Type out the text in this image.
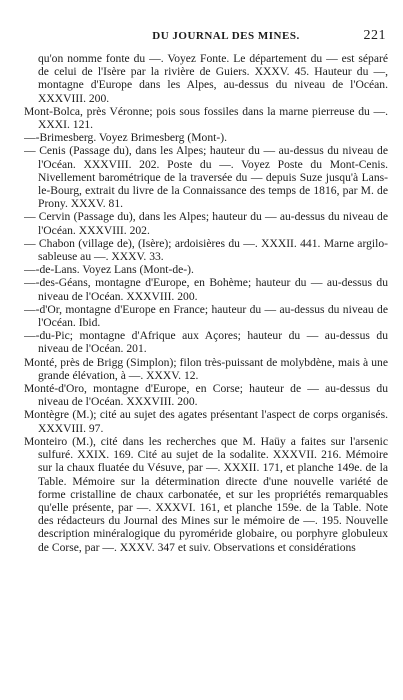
DU JOURNAL DES MINES.	221

qu'on nomme fonte du —. Voyez Fonte. Le département du — est séparé de celui de l'Isère par la rivière de Guiers. XXXV. 45. Hauteur du —, montagne d'Europe dans les Alpes, au-dessus du niveau de l'Océan. XXXVIII. 200.

Mont-Bolca, près Véronne; pois sous fossiles dans la marne pierreuse du —. XXXI. 121.

—-Brimesberg. Voyez Brimesberg (Mont-).

— Cenis (Passage du), dans les Alpes; hauteur du — au-dessus du niveau de l'Océan. XXXVIII. 202. Poste du —. Voyez Poste du Mont-Cenis. Nivellement barométrique de la traversée du — depuis Suze jusqu'à Lans-le-Bourg, extrait du livre de la Connaissance des temps de 1816, par M. de Prony. XXXV. 81.

— Cervin (Passage du), dans les Alpes; hauteur du — au-dessus du niveau de l'Océan. XXXVIII. 202.

— Chabon (village de), (Isère); ardoisières du —. XXXII. 441. Marne argilo-sableuse au —. XXXV. 33.

—-de-Lans. Voyez Lans (Mont-de-).

—-des-Géans, montagne d'Europe, en Bohème; hauteur du — au-dessus du niveau de l'Océan. XXXVIII. 200.

—-d'Or, montagne d'Europe en France; hauteur du — au-dessus du niveau de l'Océan. Ibid.

—-du-Pic; montagne d'Afrique aux Açores; hauteur du — au-dessus du niveau de l'Océan. 201.

Monté, près de Brigg (Simplon); filon très-puissant de molybdène, mais à une grande élévation, à —. XXXV. 12.

Monté-d'Oro, montagne d'Europe, en Corse; hauteur de — au-dessus du niveau de l'Océan. XXXVIII. 200.

Montègre (M.); cité au sujet des agates présentant l'aspect de corps organisés. XXXVIII. 97.

Monteiro (M.), cité dans les recherches que M. Haüy a faites sur l'arsenic sulfuré. XXIX. 169. Cité au sujet de la sodalite. XXXVII. 216. Mémoire sur la chaux fluatée du Vésuve, par —. XXXII. 171, et planche 149e. de la Table. Mémoire sur la détermination directe d'une nouvelle variété de forme cristalline de chaux carbonatée, et sur les propriétés remarquables qu'elle présente, par —. XXXVI. 161, et planche 159e. de la Table. Note des rédacteurs du Journal des Mines sur le mémoire de —. 195. Nouvelle description minéralogique du pyroméride globaire, ou porphyre globuleux de Corse, par —. XXXV. 347 et suiv. Observations et considérations
